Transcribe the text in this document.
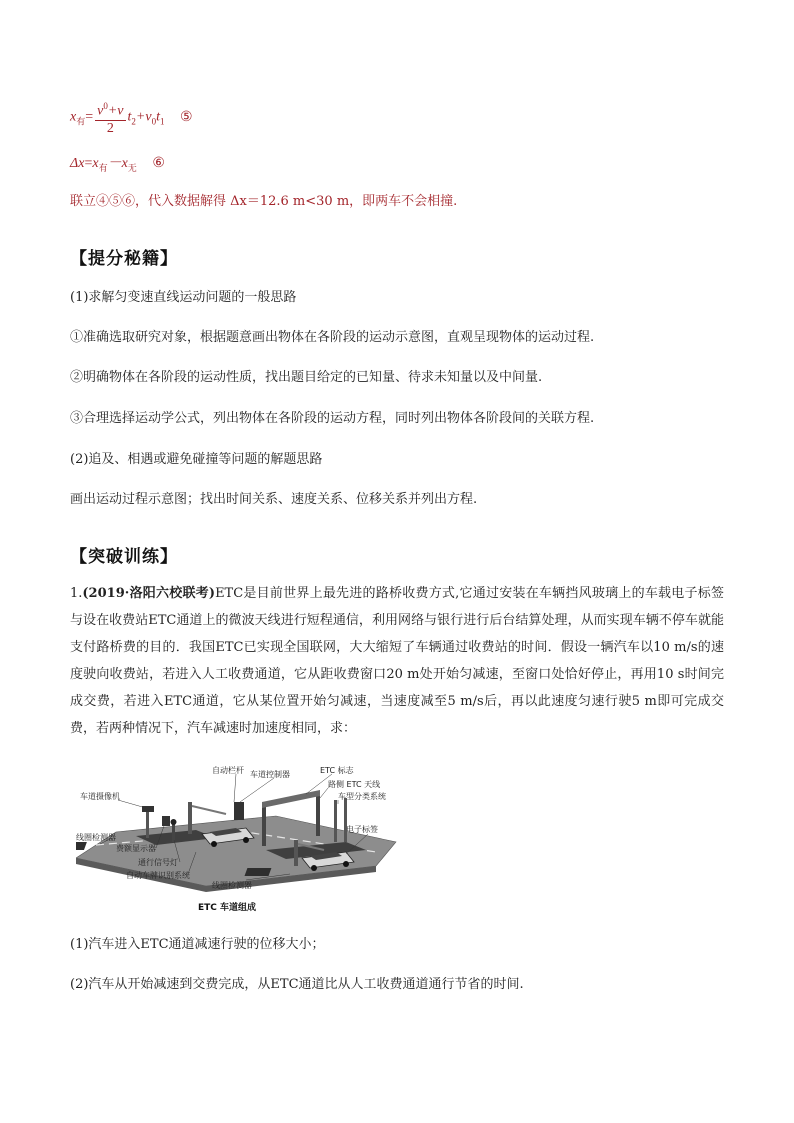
$x_有= \frac{v^0+v}{2} t_2+v_0t_1$ ⑤
$\Delta x=x_有-x_无$ ⑥
联立④⑤⑥，代入数据解得 Δx＝12.6 m<30 m，即两车不会相撞.
【提分秘籍】
(1)求解匀变速直线运动问题的一般思路
①准确选取研究对象，根据题意画出物体在各阶段的运动示意图，直观呈现物体的运动过程.
②明确物体在各阶段的运动性质，找出题目给定的已知量、待求未知量以及中间量.
③合理选择运动学公式，列出物体在各阶段的运动方程，同时列出物体各阶段间的关联方程.
(2)追及、相遇或避免碰撞等问题的解题思路
画出运动过程示意图；找出时间关系、速度关系、位移关系并列出方程.
【突破训练】
1.(2019·洛阳六校联考)ETC是目前世界上最先进的路桥收费方式,它通过安装在车辆挡风玻璃上的车载电子标签与设在收费站ETC通道上的微波天线进行短程通信，利用网络与银行进行后台结算处理，从而实现车辆不停车就能支付路桥费的目的．我国ETC已实现全国联网，大大缩短了车辆通过收费站的时间．假设一辆汽车以10 m/s的速度驶向收费站，若进入人工收费通道，它从距收费窗口20 m处开始匀减速，至窗口处恰好停止，再用10 s时间完成交费，若进入ETC通道，它从某位置开始匀减速，当速度减至5 m/s后，再以此速度匀速行驶5 m即可完成交费，若两种情况下，汽车减速时加速度相同，求：
自动栏杆 车道控制器	ETC 标志
路侧 ETC 天线
车型分类系统
车道摄像机
电子标签
线圈检测器
费额显示器
通行信号灯
自动车牌识别系统
线圈检测器
ETC 车道组成
(1)汽车进入ETC通道减速行驶的位移大小；
(2)汽车从开始减速到交费完成，从ETC通道比从人工收费通道通行节省的时间.
